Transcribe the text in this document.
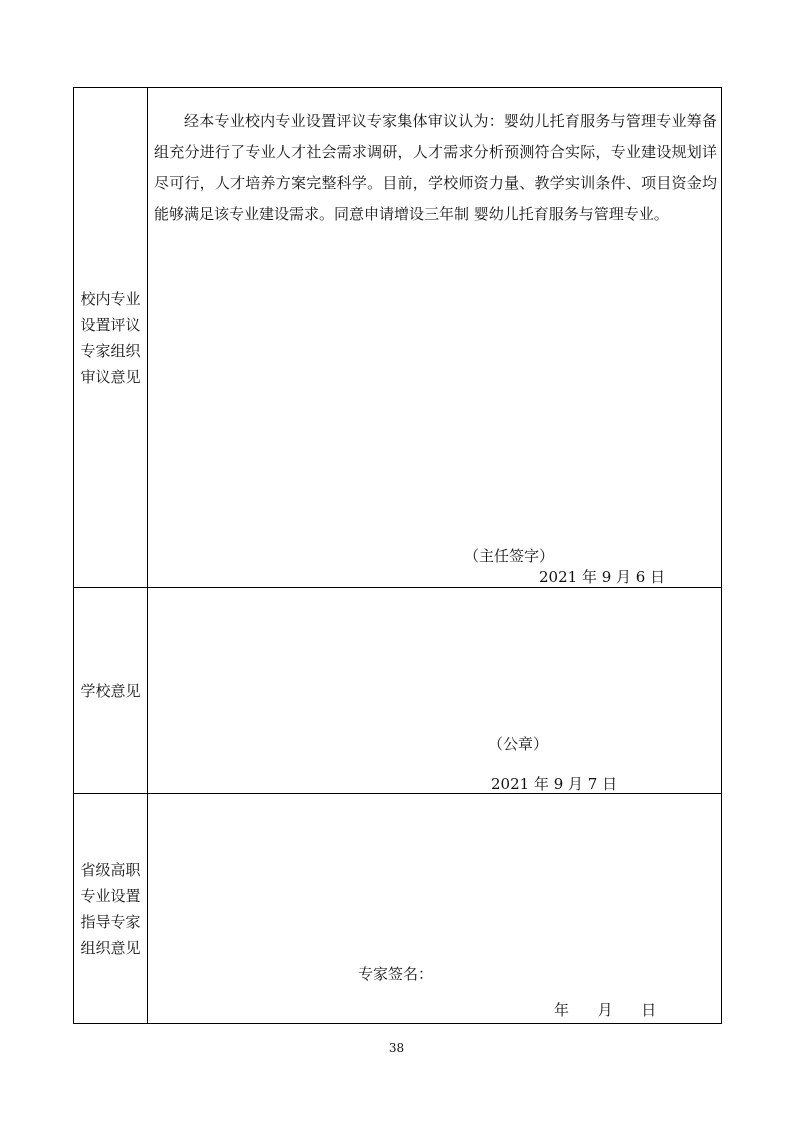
校内专业设置评议专家组织审议意见	经本专业校内专业设置评议专家集体审议认为：婴幼儿托育服务与管理专业筹备组充分进行了专业人才社会需求调研，人才需求分析预测符合实际，专业建设规划详尽可行，人才培养方案完整科学。目前，学校师资力量、教学实训条件、项目资金均能够满足该专业建设需求。同意申请增设三年制 婴幼儿托育服务与管理专业。

（主任签字）
2021 年 9 月 6 日

学校意见	（公章）
2021 年 9 月 7 日

省级高职专业设置指导专家组织意见	专家签名：
年      月      日
38
